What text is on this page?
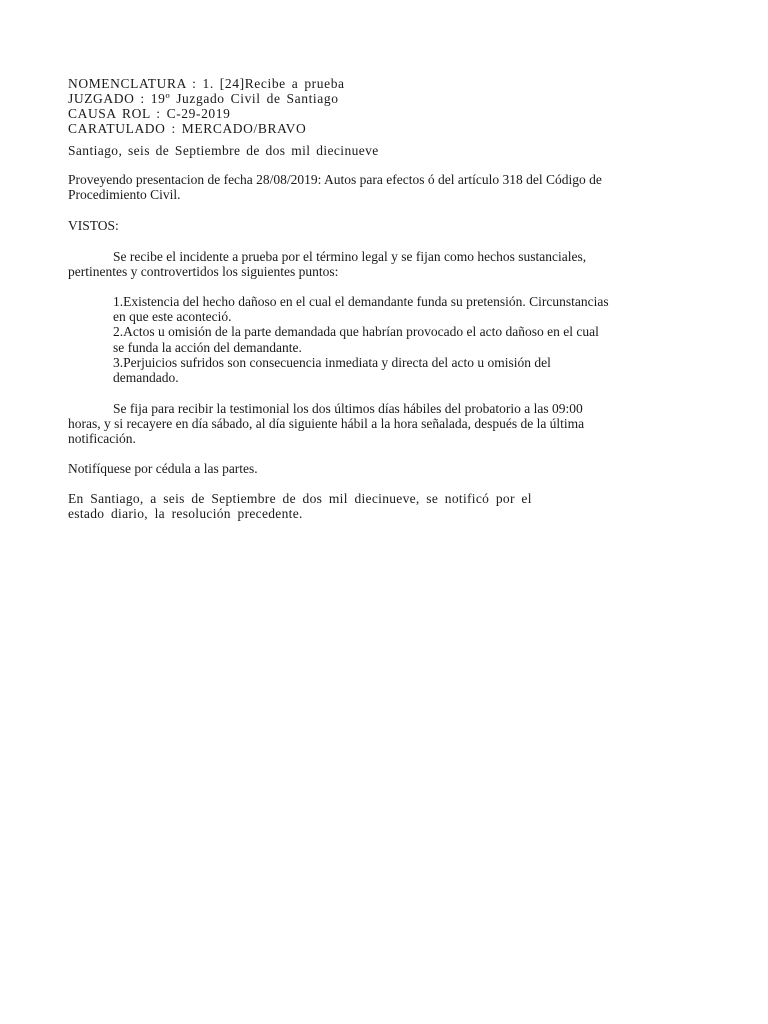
NOMENCLATURA : 1. [24]Recibe a prueba
JUZGADO : 19º Juzgado Civil de Santiago
CAUSA ROL : C-29-2019
CARATULADO : MERCADO/BRAVO

Santiago, seis de Septiembre de dos mil diecinueve

Proveyendo presentacion de fecha 28/08/2019: Autos para efectos ó del artículo 318 del Código de Procedimiento Civil.

VISTOS:

Se recibe el incidente a prueba por el término legal y se fijan como hechos sustanciales, pertinentes y controvertidos los siguientes puntos:

1.Existencia del hecho dañoso en el cual el demandante funda su pretensión. Circunstancias en que este aconteció.

2.Actos u omisión de la parte demandada que habrían provocado el acto dañoso en el cual se funda la acción del demandante.

3.Perjuicios sufridos son consecuencia inmediata y directa del acto u omisión del demandado.

Se fija para recibir la testimonial los dos últimos días hábiles del probatorio a las 09:00 horas, y si recayere en día sábado, al día siguiente hábil a la hora señalada, después de la última notificación.

Notifíquese por cédula a las partes.

En Santiago, a seis de Septiembre de dos mil diecinueve, se notificó por el estado diario, la resolución precedente.
